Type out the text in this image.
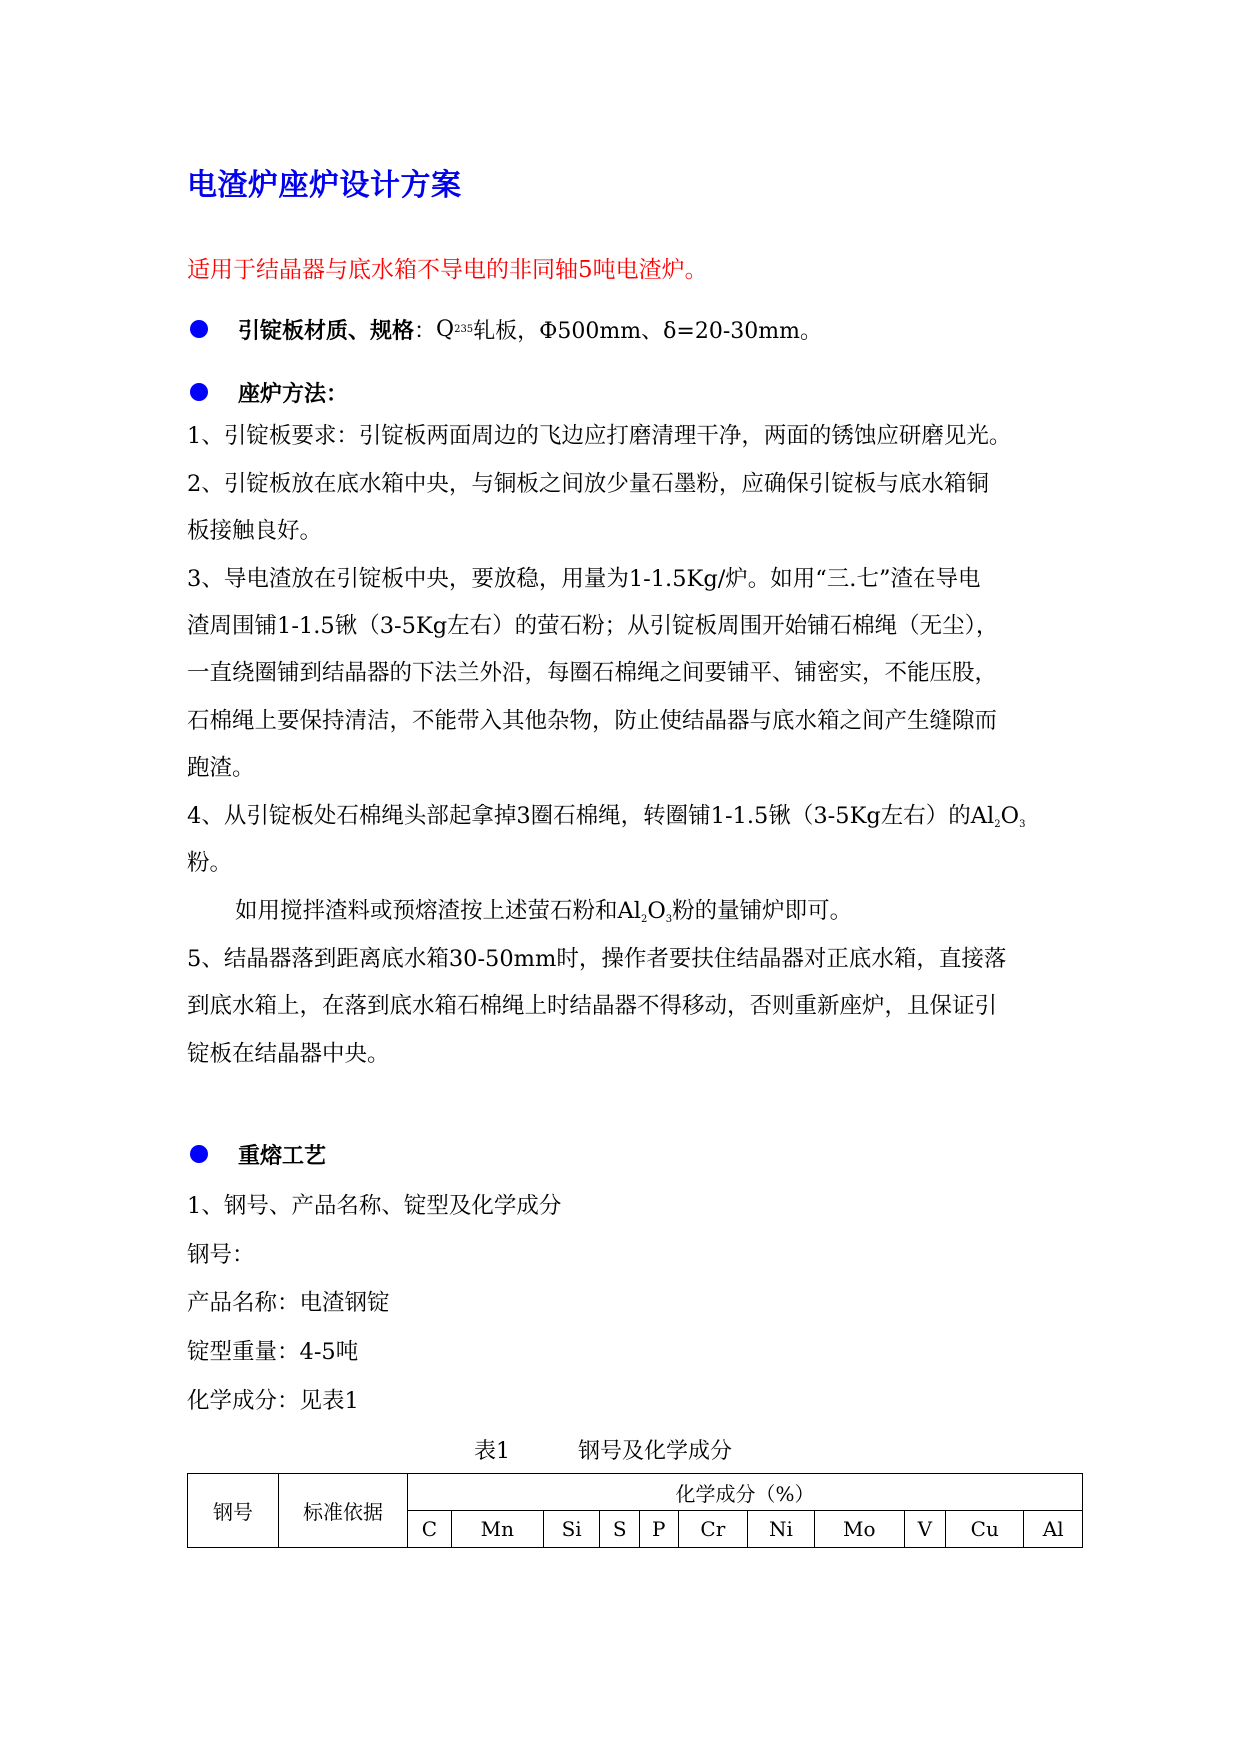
电渣炉座炉设计方案
适用于结晶器与底水箱不导电的非同轴5吨电渣炉。
引锭板材质、规格 ： Q 235 轧板，Ф500mm、δ=20-30mm。
座炉方法：
1、引锭板要求：引锭板两面周边的飞边应打磨清理干净，两面的锈蚀应研磨见光。
2、引锭板放在底水箱中央，与铜板之间放少量石墨粉，应确保引锭板与底水箱铜
板接触良好。
3、导电渣放在引锭板中央，要放稳，用量为1-1.5Kg/炉。如用“三.七”渣在导电
渣周围铺1-1.5锹（3-5Kg左右）的萤石粉；从引锭板周围开始铺石棉绳（无尘），
一直绕圈铺到结晶器的下法兰外沿，每圈石棉绳之间要铺平、铺密实，不能压股，
石棉绳上要保持清洁，不能带入其他杂物，防止使结晶器与底水箱之间产生缝隙而
跑渣。
4、从引锭板处石棉绳头部起拿掉3圈石棉绳，转圈铺1-1.5锹（3-5Kg左右）的$Al_2O_3$
粉。
如用搅拌渣料或预熔渣按上述萤石粉和$Al_2O_3$粉的量铺炉即可。
5、结晶器落到距离底水箱30-50mm时，操作者要扶住结晶器对正底水箱，直接落
到底水箱上，在落到底水箱石棉绳上时结晶器不得移动，否则重新座炉，且保证引
锭板在结晶器中央。
重熔工艺
1、钢号、产品名称、锭型及化学成分
钢号：
产品名称：电渣钢锭
锭型重量：4-5吨
化学成分：见表1
表1	钢号及化学成分
钢号	标准依据	化学成分（%）										
		C	Mn	Si	S	P	Cr	Ni	Mo	V	Cu	Al
